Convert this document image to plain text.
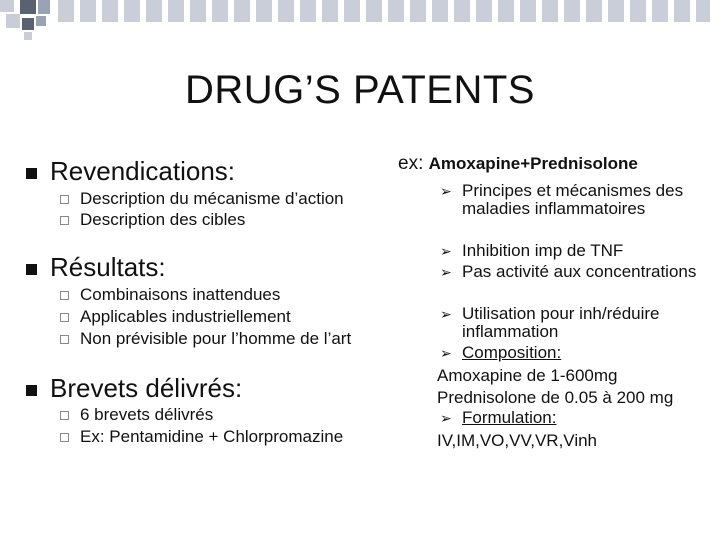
DRUG’S PATENTS
Revendications:
Description du mécanisme d’action
Description des cibles
Résultats:
Combinaisons inattendues
Applicables industriellement
Non prévisible pour l’homme de l’art
Brevets délivrés:
6 brevets délivrés
Ex: Pentamidine + Chlorpromazine
ex: Amoxapine+Prednisolone
➢ Principes et mécanismes des
maladies inflammatoires
➢ Inhibition imp de TNF
➢ Pas activité aux concentrations
➢ Utilisation pour inh/réduire
inflammation
➢ Composition:
Amoxapine de 1-600mg
Prednisolone de 0.05 à 200 mg
➢ Formulation:
IV,IM,VO,VV,VR,Vinh
